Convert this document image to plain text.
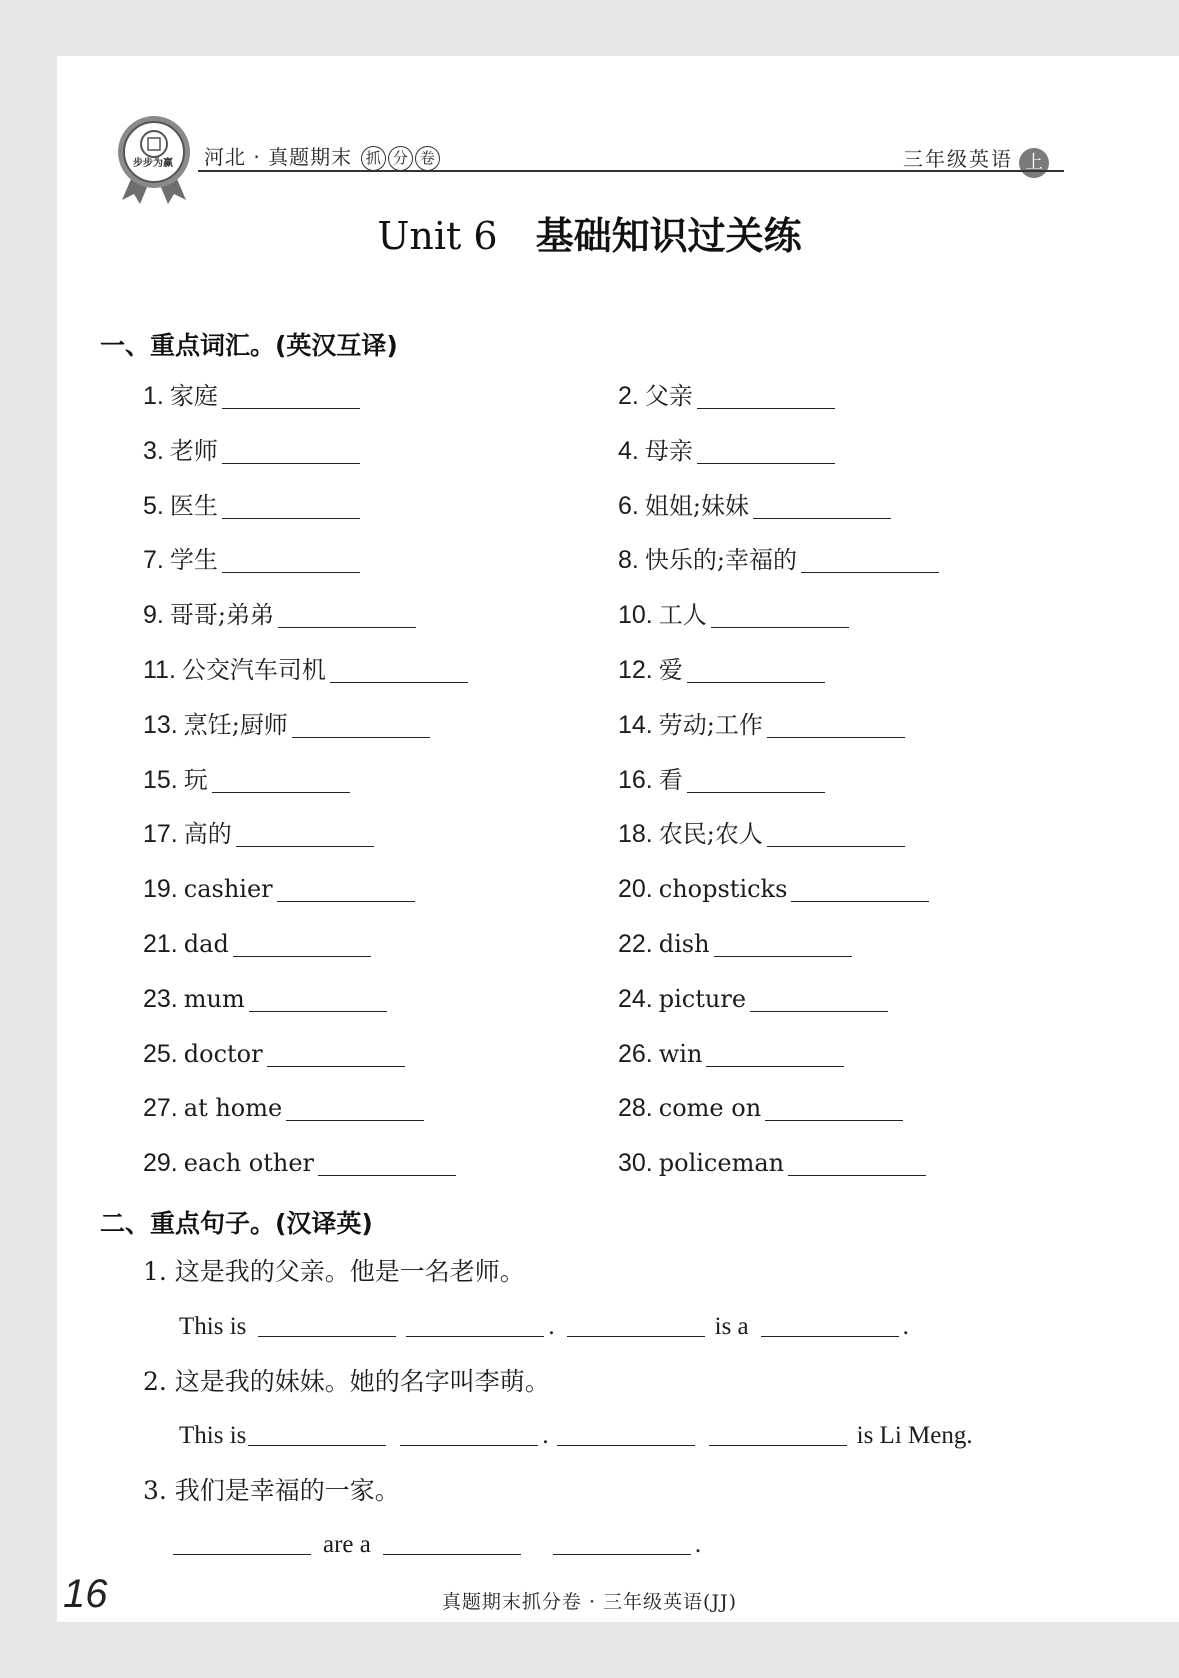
步步为赢 河北 · 真题期末 抓 分 卷	三年级英语 上
Unit 6 基础知识过关练
一、重点词汇。(英汉互译)
1. 家庭	2. 父亲
3. 老师	4. 母亲
5. 医生	6. 姐姐;妹妹
7. 学生	8. 快乐的;幸福的
9. 哥哥;弟弟	10. 工人
11. 公交汽车司机	12. 爱
13. 烹饪;厨师	14. 劳动;工作
15. 玩	16. 看
17. 高的	18. 农民;农人
19. cashier	20. chopsticks
21. dad	22. dish
23. mum	24. picture
25. doctor	26. win
27. at home	28. come on
29. each other	30. policeman
二、重点句子。(汉译英)
1. 这是我的父亲。他是一名老师。
This is	.	is a	.
2. 这是我的妹妹。她的名字叫李萌。
This is	.	is Li Meng.
3. 我们是幸福的一家。
are a	.
16	真题期末抓分卷 · 三年级英语(JJ)
